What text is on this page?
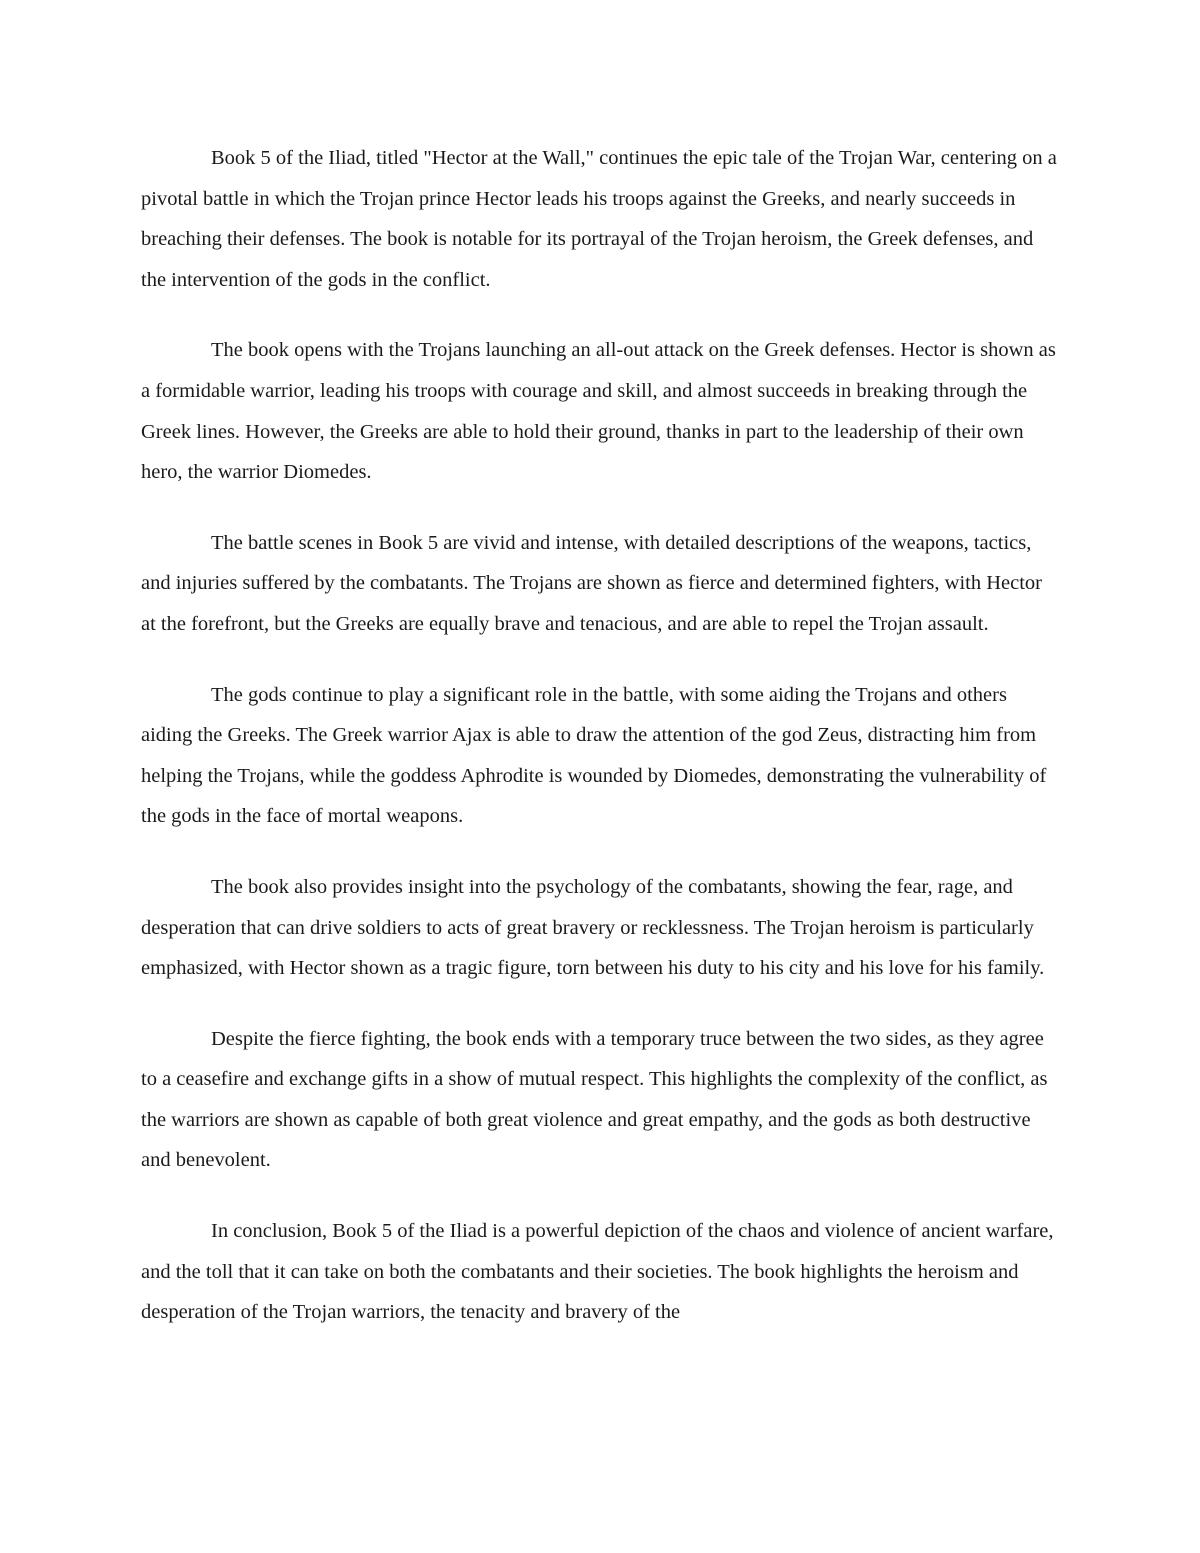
Book 5 of the Iliad, titled "Hector at the Wall," continues the epic tale of the Trojan War, centering on a pivotal battle in which the Trojan prince Hector leads his troops against the Greeks, and nearly succeeds in breaching their defenses. The book is notable for its portrayal of the Trojan heroism, the Greek defenses, and the intervention of the gods in the conflict.

The book opens with the Trojans launching an all-out attack on the Greek defenses. Hector is shown as a formidable warrior, leading his troops with courage and skill, and almost succeeds in breaking through the Greek lines. However, the Greeks are able to hold their ground, thanks in part to the leadership of their own hero, the warrior Diomedes.

The battle scenes in Book 5 are vivid and intense, with detailed descriptions of the weapons, tactics, and injuries suffered by the combatants. The Trojans are shown as fierce and determined fighters, with Hector at the forefront, but the Greeks are equally brave and tenacious, and are able to repel the Trojan assault.

The gods continue to play a significant role in the battle, with some aiding the Trojans and others aiding the Greeks. The Greek warrior Ajax is able to draw the attention of the god Zeus, distracting him from helping the Trojans, while the goddess Aphrodite is wounded by Diomedes, demonstrating the vulnerability of the gods in the face of mortal weapons.

The book also provides insight into the psychology of the combatants, showing the fear, rage, and desperation that can drive soldiers to acts of great bravery or recklessness. The Trojan heroism is particularly emphasized, with Hector shown as a tragic figure, torn between his duty to his city and his love for his family.

Despite the fierce fighting, the book ends with a temporary truce between the two sides, as they agree to a ceasefire and exchange gifts in a show of mutual respect. This highlights the complexity of the conflict, as the warriors are shown as capable of both great violence and great empathy, and the gods as both destructive and benevolent.

In conclusion, Book 5 of the Iliad is a powerful depiction of the chaos and violence of ancient warfare, and the toll that it can take on both the combatants and their societies. The book highlights the heroism and desperation of the Trojan warriors, the tenacity and bravery of the
